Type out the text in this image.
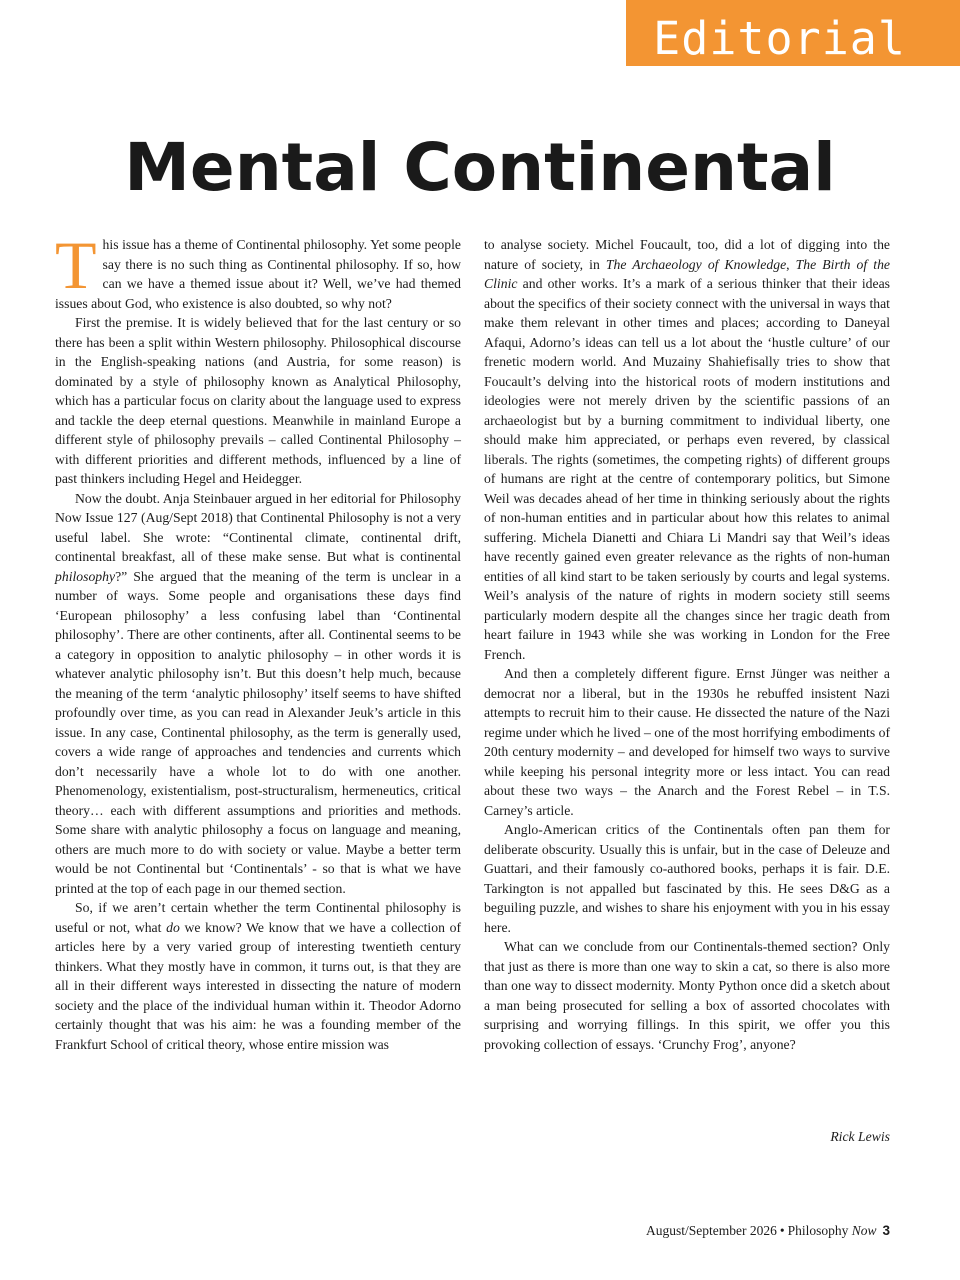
Editorial
Mental Continental

This issue has a theme of Continental philosophy. Yet some people say there is no such thing as Continental philosophy. If so, how can we have a themed issue about it? Well, we’ve had themed issues about God, who existence is also doubted, so why not?

First the premise. It is widely believed that for the last century or so there has been a split within Western philosophy. Philosophical discourse in the English-speaking nations (and Austria, for some reason) is dominated by a style of philosophy known as Analytical Philosophy, which has a particular focus on clarity about the language used to express and tackle the deep eternal questions. Meanwhile in mainland Europe a different style of philosophy prevails – called Continental Philosophy – with different priorities and different methods, influenced by a line of past thinkers including Hegel and Heidegger.

Now the doubt. Anja Steinbauer argued in her editorial for Philosophy Now Issue 127 (Aug/Sept 2018) that Continental Philosophy is not a very useful label. She wrote: “Continental climate, continental drift, continental breakfast, all of these make sense. But what is continental philosophy?” She argued that the meaning of the term is unclear in a number of ways. Some people and organisations these days find ‘European philosophy’ a less confusing label than ‘Continental philosophy’. There are other continents, after all. Continental seems to be a category in opposition to analytic philosophy – in other words it is whatever analytic philosophy isn’t. But this doesn’t help much, because the meaning of the term ‘analytic philosophy’ itself seems to have shifted profoundly over time, as you can read in Alexander Jeuk’s article in this issue. In any case, Continental philosophy, as the term is generally used, covers a wide range of approaches and tendencies and currents which don’t necessarily have a whole lot to do with one another. Phenomenology, existentialism, post-structuralism, hermeneutics, critical theory… each with different assumptions and priorities and methods. Some share with analytic philosophy a focus on language and meaning, others are much more to do with society or value. Maybe a better term would be not Continental but ‘Continentals’ - so that is what we have printed at the top of each page in our themed section.

So, if we aren’t certain whether the term Continental philosophy is useful or not, what do we know? We know that we have a collection of articles here by a very varied group of interesting twentieth century thinkers. What they mostly have in common, it turns out, is that they are all in their different ways interested in dissecting the nature of modern society and the place of the individual human within it. Theodor Adorno certainly thought that was his aim: he was a founding member of the Frankfurt School of critical theory, whose entire mission was

to analyse society. Michel Foucault, too, did a lot of digging into the nature of society, in The Archaeology of Knowledge, The Birth of the Clinic and other works. It’s a mark of a serious thinker that their ideas about the specifics of their society connect with the universal in ways that make them relevant in other times and places; according to Daneyal Afaqui, Adorno’s ideas can tell us a lot about the ‘hustle culture’ of our frenetic modern world. And Muzainy Shahiefisally tries to show that Foucault’s delving into the historical roots of modern institutions and ideologies were not merely driven by the scientific passions of an archaeologist but by a burning commitment to individual liberty, one should make him appreciated, or perhaps even revered, by classical liberals. The rights (sometimes, the competing rights) of different groups of humans are right at the centre of contemporary politics, but Simone Weil was decades ahead of her time in thinking seriously about the rights of non-human entities and in particular about how this relates to animal suffering. Michela Dianetti and Chiara Li Mandri say that Weil’s ideas have recently gained even greater relevance as the rights of non-human entities of all kind start to be taken seriously by courts and legal systems. Weil’s analysis of the nature of rights in modern society still seems particularly modern despite all the changes since her tragic death from heart failure in 1943 while she was working in London for the Free French.

And then a completely different figure. Ernst Jünger was neither a democrat nor a liberal, but in the 1930s he rebuffed insistent Nazi attempts to recruit him to their cause. He dissected the nature of the Nazi regime under which he lived – one of the most horrifying embodiments of 20th century modernity – and developed for himself two ways to survive while keeping his personal integrity more or less intact. You can read about these two ways – the Anarch and the Forest Rebel – in T.S. Carney’s article.

Anglo-American critics of the Continentals often pan them for deliberate obscurity. Usually this is unfair, but in the case of Deleuze and Guattari, and their famously co-authored books, perhaps it is fair. D.E. Tarkington is not appalled but fascinated by this. He sees D&G as a beguiling puzzle, and wishes to share his enjoyment with you in his essay here.

What can we conclude from our Continentals-themed section? Only that just as there is more than one way to skin a cat, so there is also more than one way to dissect modernity. Monty Python once did a sketch about a man being prosecuted for selling a box of assorted chocolates with surprising and worrying fillings. In this spirit, we offer you this provoking collection of essays. ‘Crunchy Frog’, anyone?

Rick Lewis
August/September 2026 • Philosophy Now 3
